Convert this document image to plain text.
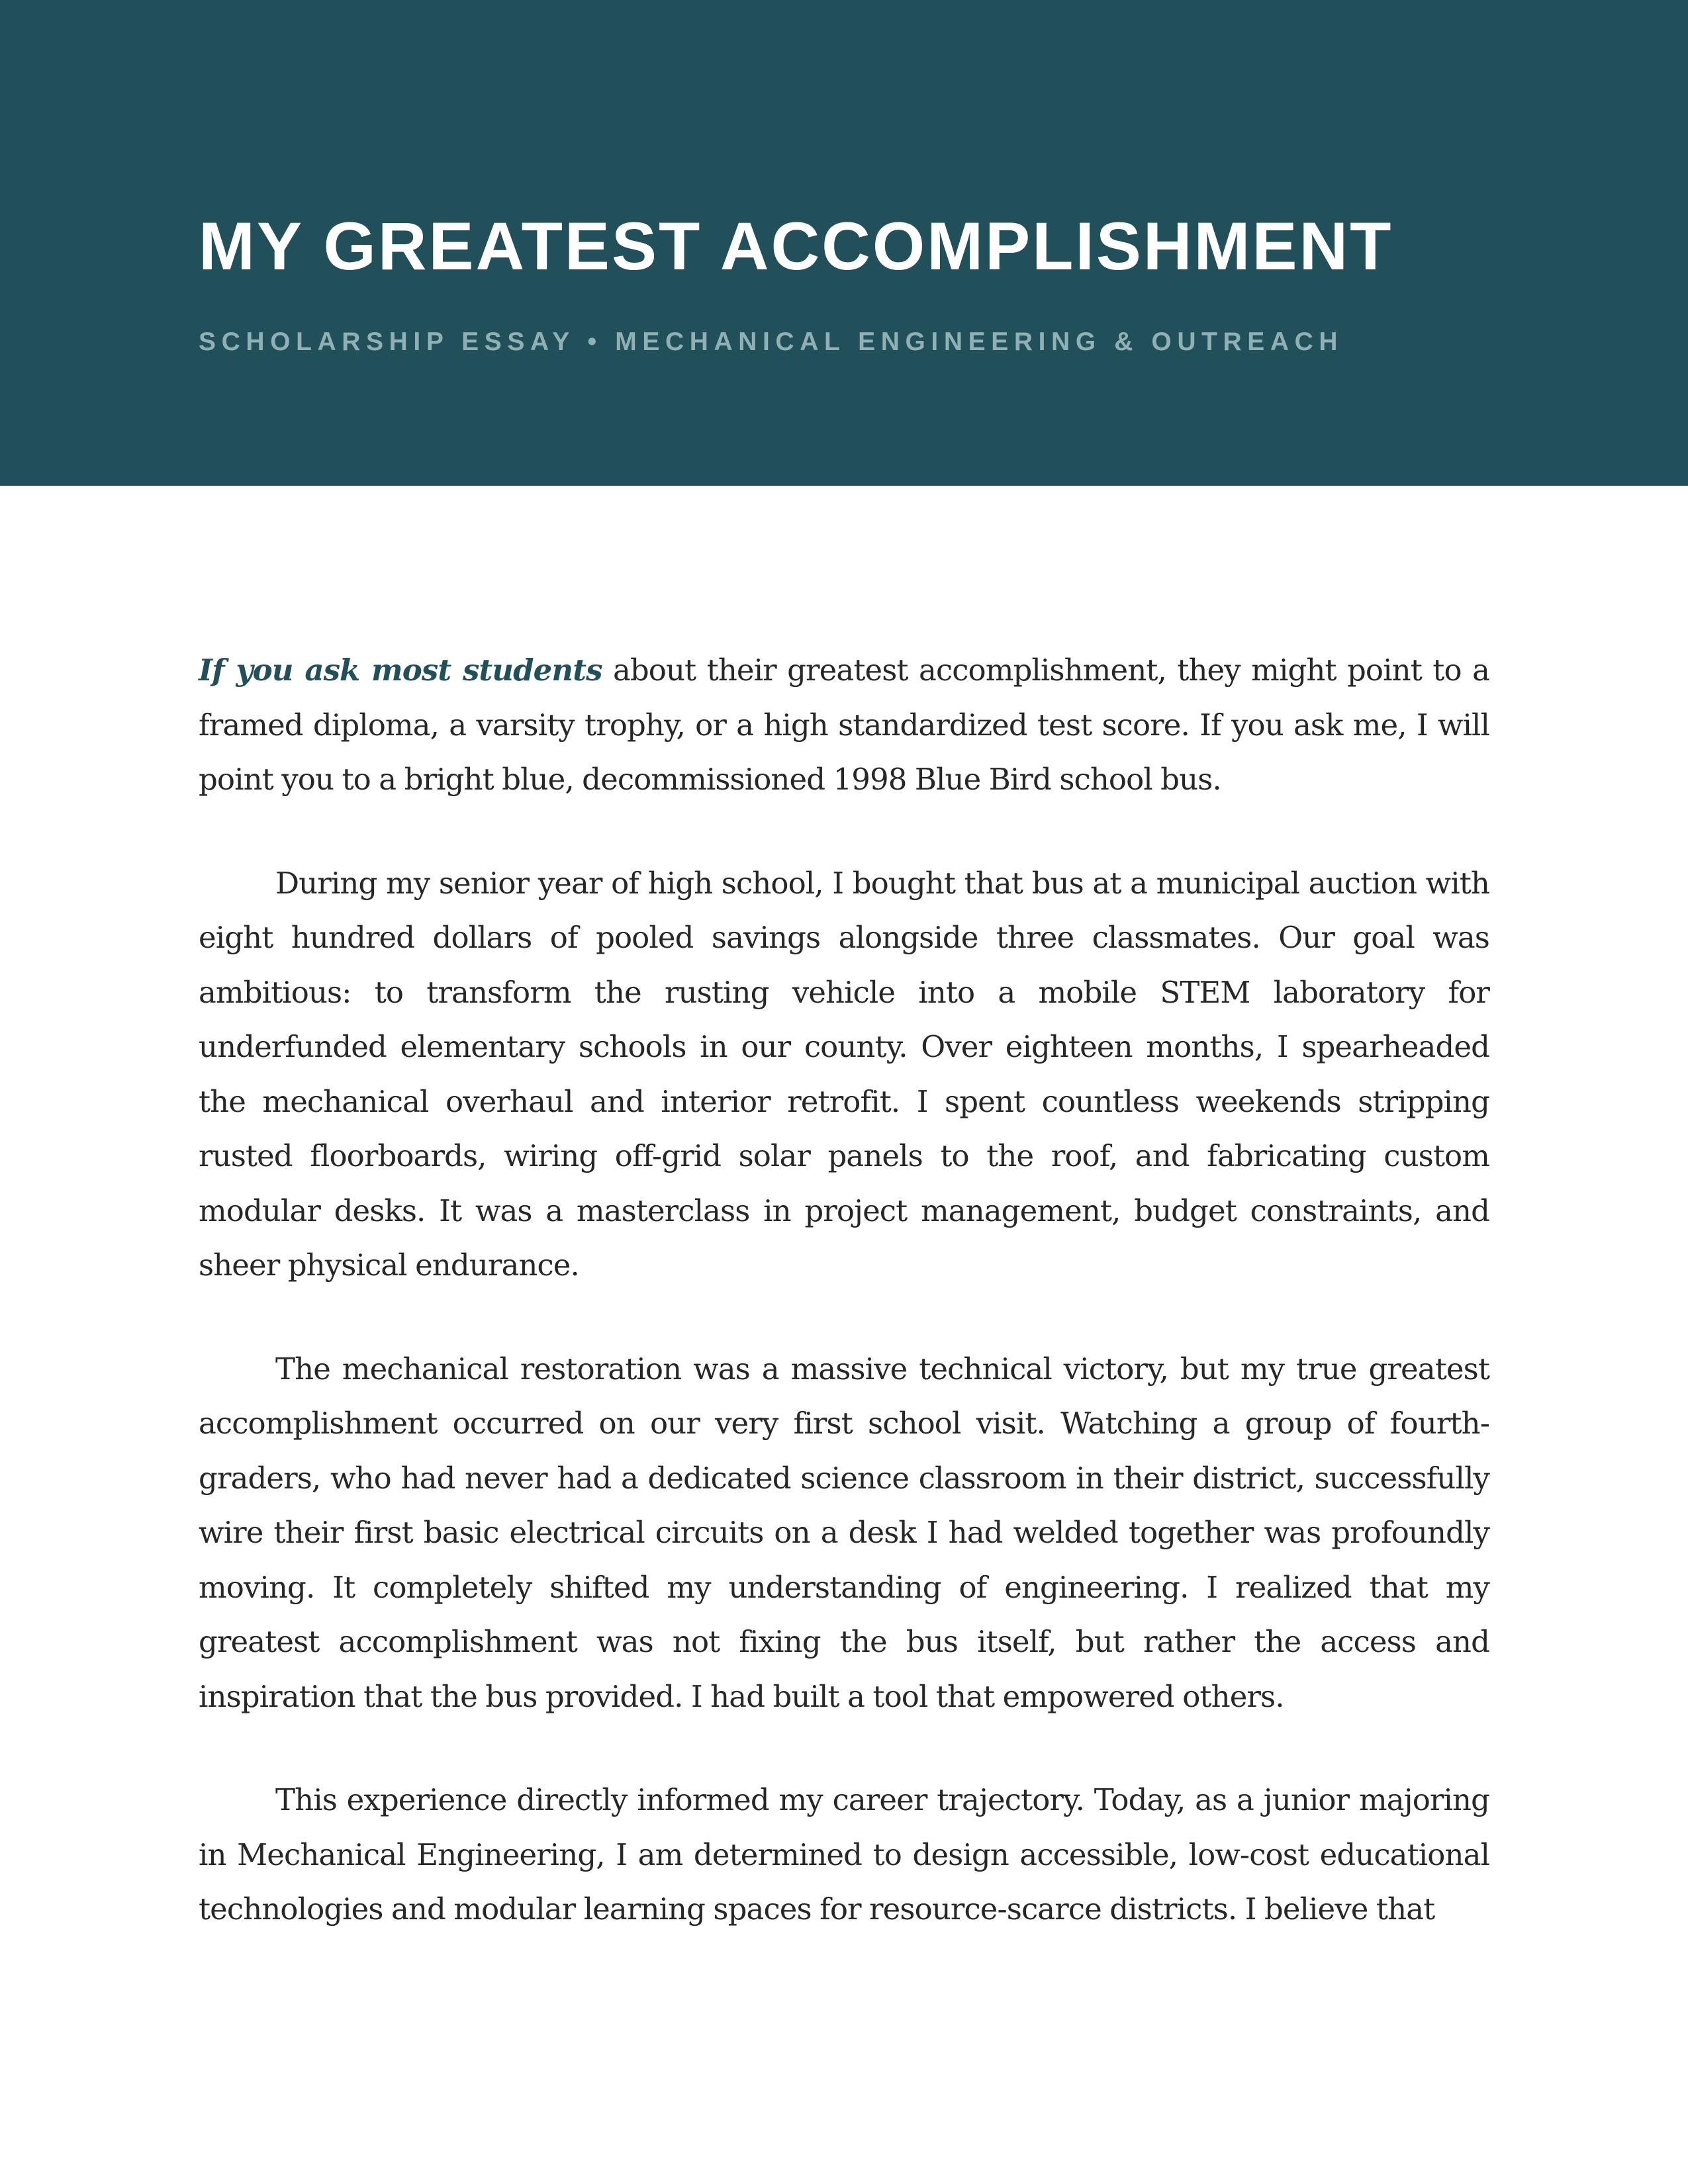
MY GREATEST ACCOMPLISHMENT
SCHOLARSHIP ESSAY • MECHANICAL ENGINEERING & OUTREACH

If you ask most students about their greatest accomplishment, they might point to a framed diploma, a varsity trophy, or a high standardized test score. If you ask me, I will point you to a bright blue, decommissioned 1998 Blue Bird school bus.

During my senior year of high school, I bought that bus at a municipal auction with eight hundred dollars of pooled savings alongside three classmates. Our goal was ambitious: to transform the rusting vehicle into a mobile STEM laboratory for underfunded elementary schools in our county. Over eighteen months, I spearheaded the mechanical overhaul and interior retrofit. I spent countless weekends stripping rusted floorboards, wiring off-grid solar panels to the roof, and fabricating custom modular desks. It was a masterclass in project management, budget constraints, and sheer physical endurance.

The mechanical restoration was a massive technical victory, but my true greatest accomplishment occurred on our very first school visit. Watching a group of fourth-graders, who had never had a dedicated science classroom in their district, successfully wire their first basic electrical circuits on a desk I had welded together was profoundly moving. It completely shifted my understanding of engineering. I realized that my greatest accomplishment was not fixing the bus itself, but rather the access and inspiration that the bus provided. I had built a tool that empowered others.

This experience directly informed my career trajectory. Today, as a junior majoring in Mechanical Engineering, I am determined to design accessible, low-cost educational technologies and modular learning spaces for resource-scarce districts. I believe that
